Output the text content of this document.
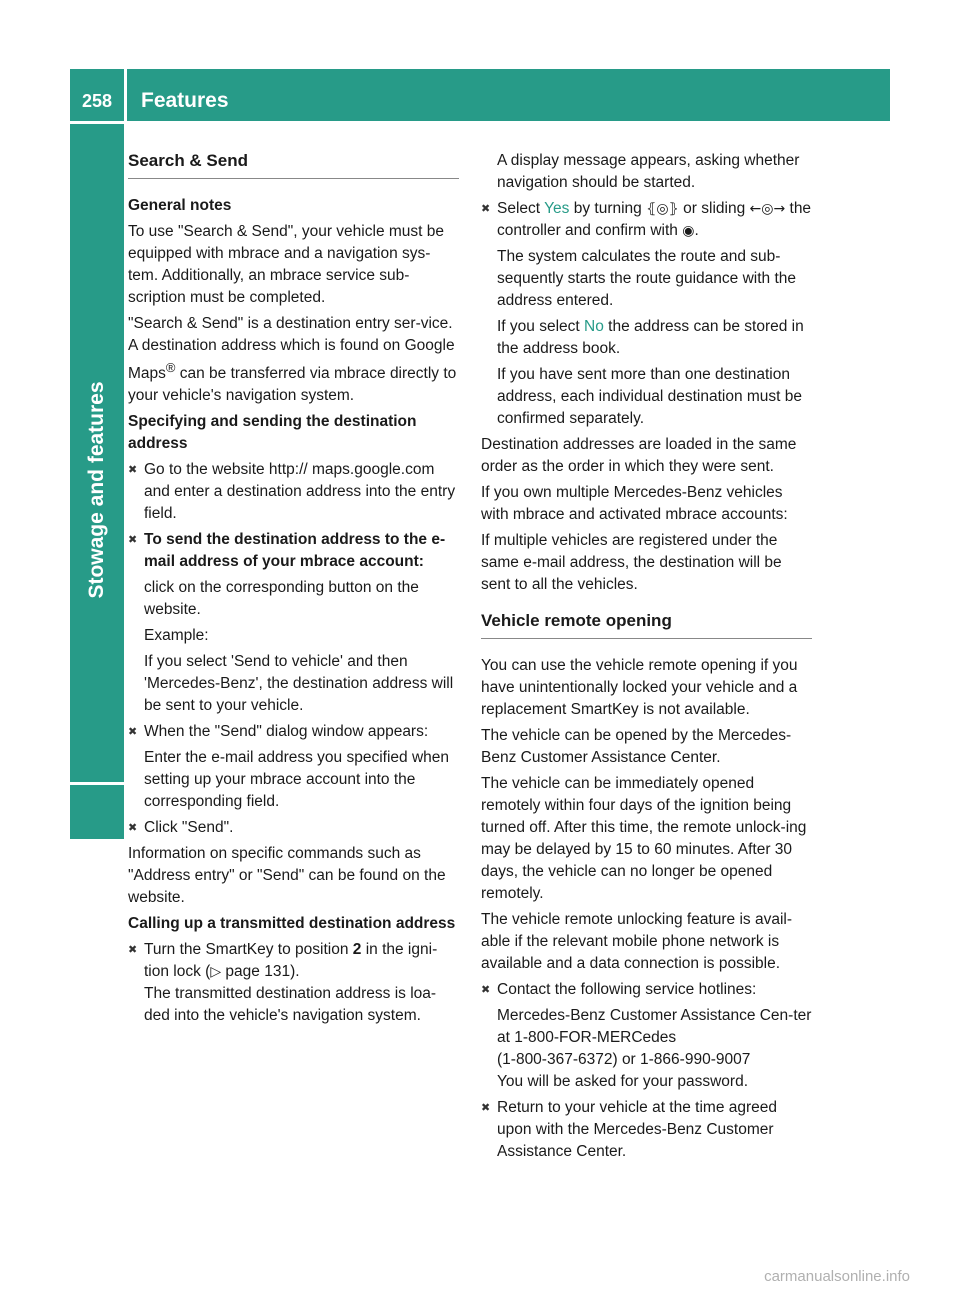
258	Features
Stowage and features
Search & Send
General notes

To use "Search & Send", your vehicle must be equipped with mbrace and a navigation sys-tem. Additionally, an mbrace service sub-scription must be completed.

"Search & Send" is a destination entry ser-vice. A destination address which is found on Google Maps® can be transferred via mbrace directly to your vehicle's navigation system.

Specifying and sending the destination address
✖ Go to the website http:// maps.google.com and enter a destination address into the entry field.
✖ To send the destination address to the e-mail address of your mbrace account:
click on the corresponding button on the website.
Example:
If you select 'Send to vehicle' and then 'Mercedes-Benz', the destination address will be sent to your vehicle.
✖ When the "Send" dialog window appears:
Enter the e-mail address you specified when setting up your mbrace account into the corresponding field.
✖ Click "Send".

Information on specific commands such as "Address entry" or "Send" can be found on the website.

Calling up a transmitted destination address
✖ Turn the SmartKey to position 2 in the igni-tion lock (▷ page 131).
The transmitted destination address is loa-ded into the vehicle's navigation system.
A display message appears, asking whether navigation should be started.
✖ Select Yes by turning ⦃◎⦄ or sliding ←◎→ the controller and confirm with ◉.
The system calculates the route and sub-sequently starts the route guidance with the address entered.
If you select No the address can be stored in the address book.
If you have sent more than one destination address, each individual destination must be confirmed separately.

Destination addresses are loaded in the same order as the order in which they were sent.

If you own multiple Mercedes-Benz vehicles with mbrace and activated mbrace accounts:

If multiple vehicles are registered under the same e-mail address, the destination will be sent to all the vehicles.

Vehicle remote opening

You can use the vehicle remote opening if you have unintentionally locked your vehicle and a replacement SmartKey is not available.

The vehicle can be opened by the Mercedes-Benz Customer Assistance Center.

The vehicle can be immediately opened remotely within four days of the ignition being turned off. After this time, the remote unlock-ing may be delayed by 15 to 60 minutes. After 30 days, the vehicle can no longer be opened remotely.

The vehicle remote unlocking feature is avail-able if the relevant mobile phone network is available and a data connection is possible.

✖ Contact the following service hotlines:
Mercedes-Benz Customer Assistance Cen-ter at 1-800-FOR-MERCedes
(1-800-367-6372) or 1-866-990-9007
You will be asked for your password.
✖ Return to your vehicle at the time agreed upon with the Mercedes-Benz Customer Assistance Center.
carmanualsonline.info
